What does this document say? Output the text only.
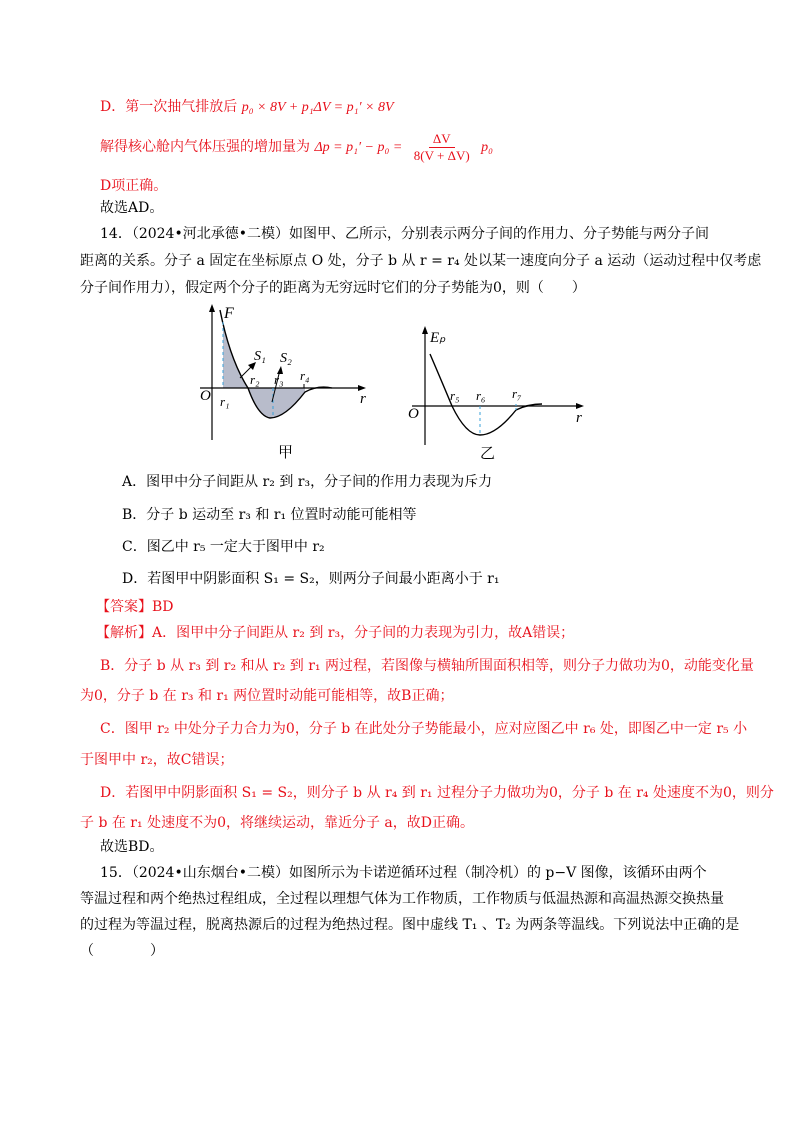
D．第一次抽气排放后 p₀ × 8V + p₁ΔV = p₁′ × 8V
解得核心舱内气体压强的增加量为 $\Delta p = p_1' - p_0 = \frac{\Delta V}{8(V + \Delta V)} p_0$
D项正确。
故选AD。
14．（2024•河北承德•二模）如图甲、乙所示，分别表示两分子间的作用力、分子势能与两分子间
距离的关系。分子 a 固定在坐标原点 O 处，分子 b 从 r = r₄ 处以某一速度向分子 a 运动（运动过程中仅考虑
分子间作用力），假定两个分子的距离为无穷远时它们的分子势能为0，则（　　）
F
O	r
S₁ S₂
r₁
r₂ r₃ r₄
甲
Eₚ
O	r
r₅ r₆ r₇
乙
A．图甲中分子间距从 r₂ 到 r₃，分子间的作用力表现为斥力
B．分子 b 运动至 r₃ 和 r₁ 位置时动能可能相等
C．图乙中 r₅ 一定大于图甲中 r₂
D．若图甲中阴影面积 S₁ = S₂，则两分子间最小距离小于 r₁
【答案】BD
【解析】A．图甲中分子间距从 r₂ 到 r₃，分子间的力表现为引力，故A错误；
B．分子 b 从 r₃ 到 r₂ 和从 r₂ 到 r₁ 两过程，若图像与横轴所围面积相等，则分子力做功为0，动能变化量
为0，分子 b 在 r₃ 和 r₁ 两位置时动能可能相等，故B正确；
C．图甲 r₂ 中处分子力合力为0，分子 b 在此处分子势能最小，应对应图乙中 r₆ 处，即图乙中一定 r₅ 小
于图甲中 r₂，故C错误；
D．若图甲中阴影面积 S₁ = S₂，则分子 b 从 r₄ 到 r₁ 过程分子力做功为0，分子 b 在 r₄ 处速度不为0，则分
子 b 在 r₁ 处速度不为0，将继续运动，靠近分子 a，故D正确。
故选BD。
15．（2024•山东烟台•二模）如图所示为卡诺逆循环过程（制冷机）的 p−V 图像，该循环由两个
等温过程和两个绝热过程组成，全过程以理想气体为工作物质，工作物质与低温热源和高温热源交换热量
的过程为等温过程，脱离热源后的过程为绝热过程。图中虚线 T₁ 、T₂ 为两条等温线。下列说法中正确的是
（　　　　）
